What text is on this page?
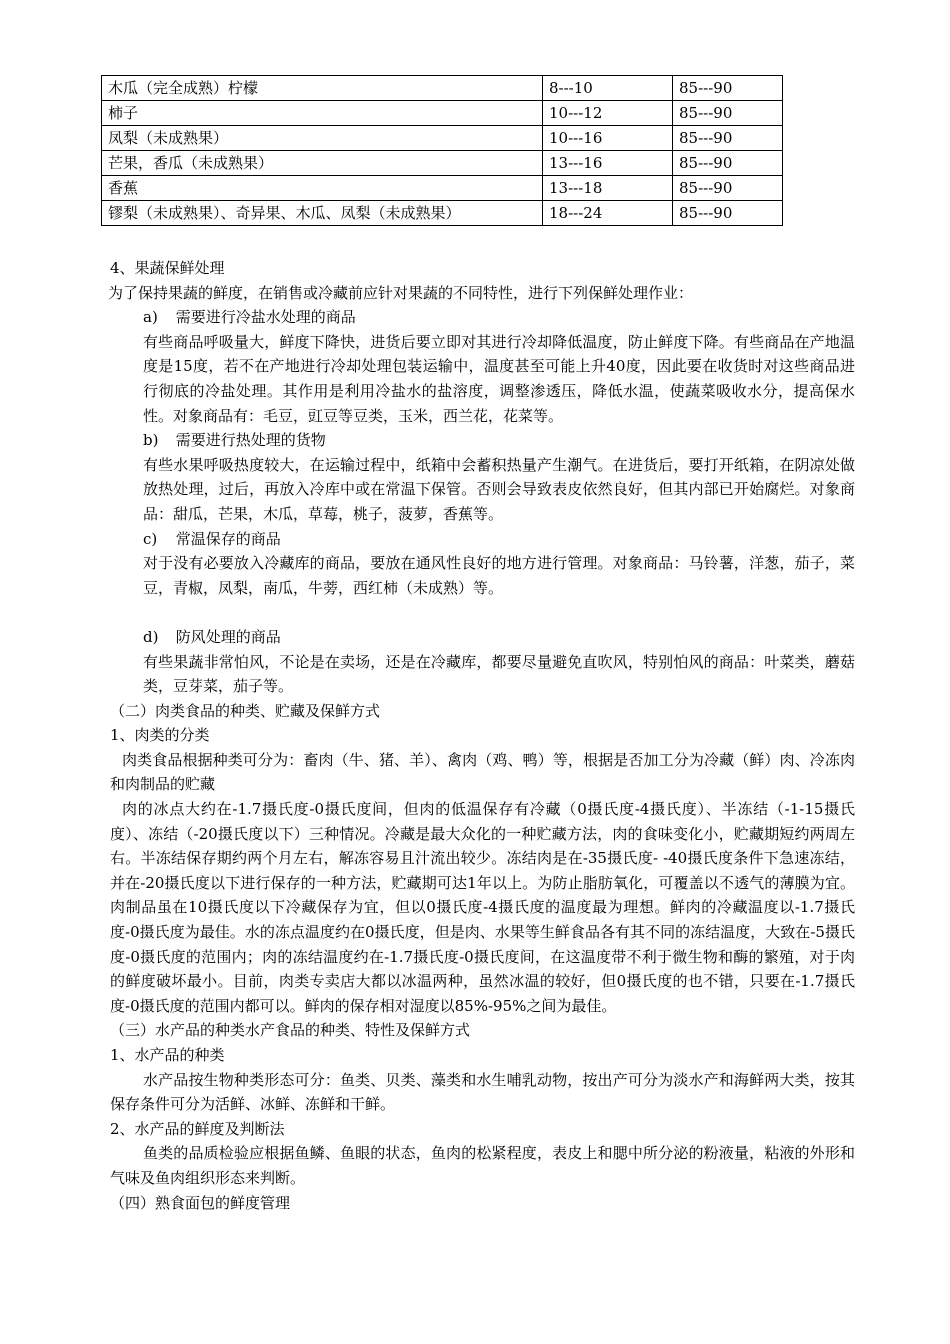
木瓜（完全成熟）柠檬	8---10	85---90
柿子	10---12	85---90
凤梨（未成熟果）	10---16	85---90
芒果，香瓜（未成熟果）	13---16	85---90
香蕉	13---18	85---90
镠梨（未成熟果）、奇异果、木瓜、凤梨（未成熟果）	18---24	85---90

4、果蔬保鲜处理

为了保持果蔬的鲜度，在销售或冷藏前应针对果蔬的不同特性，进行下列保鲜处理作业：

a) 需要进行冷盐水处理的商品

有些商品呼吸量大，鲜度下降快，进货后要立即对其进行冷却降低温度，防止鲜度下降。有些商品在产地温度是15度，若不在产地进行冷却处理包装运输中，温度甚至可能上升40度，因此要在收货时对这些商品进行彻底的冷盐处理。其作用是利用冷盐水的盐溶度，调整渗透压，降低水温，使蔬菜吸收水分，提高保水性。对象商品有：毛豆，豇豆等豆类，玉米，西兰花，花菜等。

b) 需要进行热处理的货物

有些水果呼吸热度较大，在运输过程中，纸箱中会蓄积热量产生潮气。在进货后，要打开纸箱，在阴凉处做放热处理，过后，再放入冷库中或在常温下保管。否则会导致表皮依然良好，但其内部已开始腐烂。对象商品：甜瓜，芒果，木瓜，草莓，桃子，菠萝，香蕉等。

c) 常温保存的商品

对于没有必要放入冷藏库的商品，要放在通风性良好的地方进行管理。对象商品：马铃薯，洋葱，茄子，菜豆，青椒，凤梨，南瓜，牛蒡，西红柿（未成熟）等。

d) 防风处理的商品

有些果蔬非常怕风，不论是在卖场，还是在冷藏库，都要尽量避免直吹风，特别怕风的商品：叶菜类，蘑菇类，豆芽菜，茄子等。

（二）肉类食品的种类、贮藏及保鲜方式

1、肉类的分类

肉类食品根据种类可分为：畜肉（牛、猪、羊）、禽肉（鸡、鸭）等，根据是否加工分为冷藏（鲜）肉、冷冻肉和肉制品的贮藏

肉的冰点大约在-1.7摄氏度-0摄氏度间，但肉的低温保存有冷藏（0摄氏度-4摄氏度）、半冻结（-1-15摄氏度）、冻结（-20摄氏度以下）三种情况。冷藏是最大众化的一种贮藏方法，肉的食味变化小，贮藏期短约两周左右。半冻结保存期约两个月左右，解冻容易且汁流出较少。冻结肉是在-35摄氏度- -40摄氏度条件下急速冻结，并在-20摄氏度以下进行保存的一种方法，贮藏期可达1年以上。为防止脂肪氧化，可覆盖以不透气的薄膜为宜。肉制品虽在10摄氏度以下冷藏保存为宜，但以0摄氏度-4摄氏度的温度最为理想。鲜肉的冷藏温度以-1.7摄氏度-0摄氏度为最佳。水的冻点温度约在0摄氏度，但是肉、水果等生鲜食品各有其不同的冻结温度，大致在-5摄氏度-0摄氏度的范围内；肉的冻结温度约在-1.7摄氏度-0摄氏度间，在这温度带不利于微生物和酶的繁殖，对于肉的鲜度破坏最小。目前，肉类专卖店大都以冰温两种，虽然冰温的较好，但0摄氏度的也不错，只要在-1.7摄氏度-0摄氏度的范围内都可以。鲜肉的保存相对湿度以85%-95%之间为最佳。

（三）水产品的种类水产食品的种类、特性及保鲜方式

1、水产品的种类

水产品按生物种类形态可分：鱼类、贝类、藻类和水生哺乳动物，按出产可分为淡水产和海鲜两大类，按其保存条件可分为活鲜、冰鲜、冻鲜和干鲜。

2、水产品的鲜度及判断法

鱼类的品质检验应根据鱼鳞、鱼眼的状态，鱼肉的松紧程度，表皮上和腮中所分泌的粉液量，粘液的外形和气味及鱼肉组织形态来判断。

（四）熟食面包的鲜度管理
